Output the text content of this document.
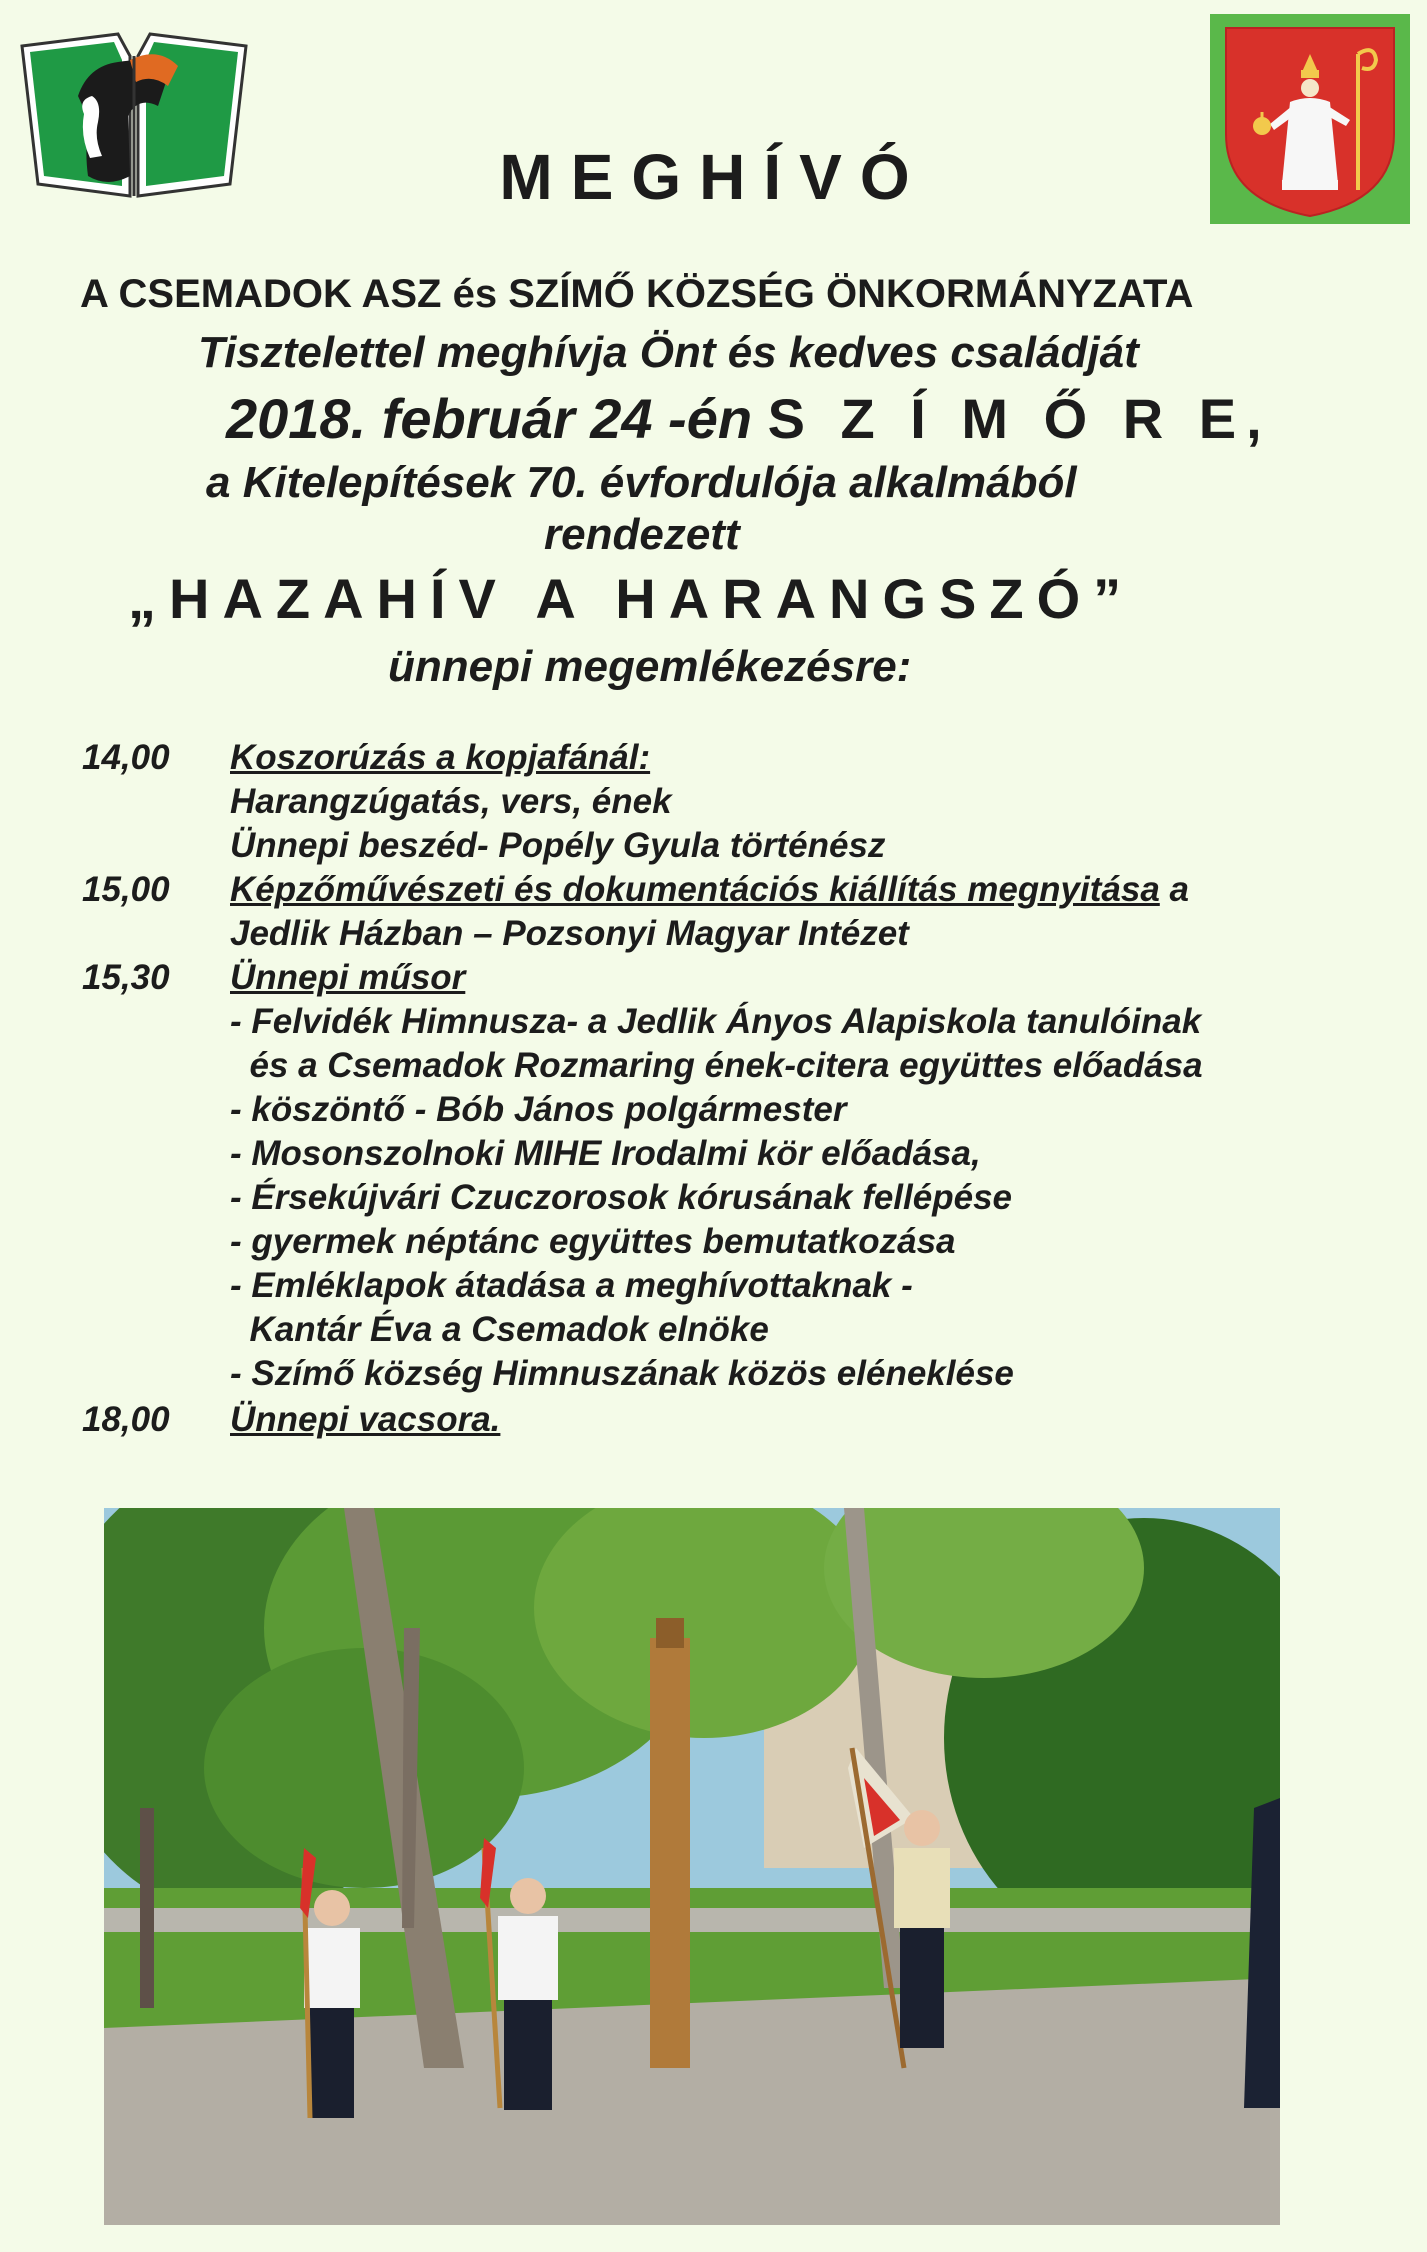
MEGHÍVÓ
A CSEMADOK ASZ és SZÍMŐ KÖZSÉG ÖNKORMÁNYZATA
Tisztelettel meghívja Önt és kedves családját
2018. február 24 -én S Z Í M Ő R E,
a Kitelepítések 70. évfordulója alkalmából
rendezett
„HAZAHÍV A HARANGSZÓ”
ünnepi megemlékezésre:
14,00 Koszorúzás a kopjafánál:
Harangzúgatás, vers, ének
Ünnepi beszéd- Popély Gyula történész
15,00 Képzőművészeti és dokumentációs kiállítás megnyitása a
Jedlik Házban – Pozsonyi Magyar Intézet
15,30 Ünnepi műsor
- Felvidék Himnusza- a Jedlik Ányos Alapiskola tanulóinak
és a Csemadok Rozmaring ének-citera együttes előadása
- köszöntő - Bób János polgármester
- Mosonszolnoki MIHE Irodalmi kör előadása,
- Érsekújvári Czuczorosok kórusának fellépése
- gyermek néptánc együttes bemutatkozása
- Emléklapok átadása a meghívottaknak -
Kantár Éva a Csemadok elnöke
- Szímő község Himnuszának közös eléneklése
18,00 Ünnepi vacsora.
